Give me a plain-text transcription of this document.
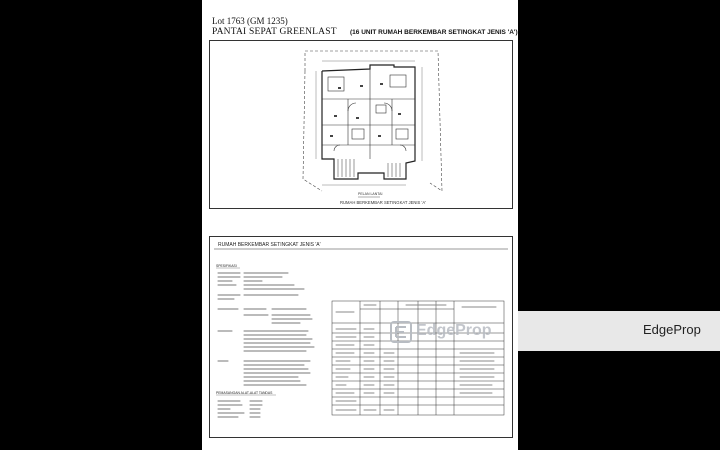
Lot 1763 (GM 1235)
PANTAI SEPAT GREENLAST (16 UNIT RUMAH BERKEMBAR SETINGKAT JENIS 'A')
PELAN LANTAI
RUMAH BERKEMBAR SETINGKAT JENIS 'A'
RUMAH BERKEMBAR SETINGKAT JENIS 'A'
SPESIFIKASI
PEMASANGAN ALAT-ALAT TANDAS
EdgeProp	EdgeProp
